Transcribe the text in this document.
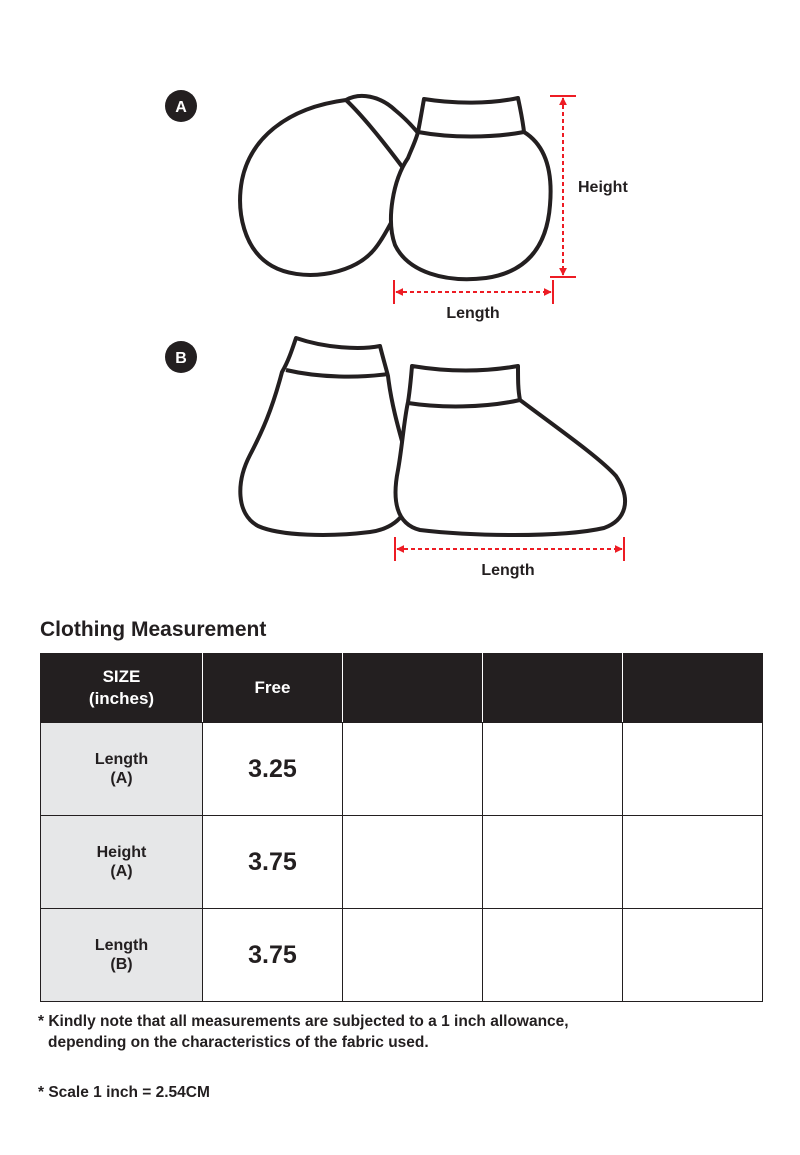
A
Height
Length
B
Length
Clothing Measurement
SIZE
(inches)	Free			

Length
(A)	3.25			

Height
(A)	3.75			

Length
(B)	3.75			

* Kindly note that all measurements are subjected to a 1 inch allowance,
depending on the characteristics of the fabric used.

* Scale 1 inch = 2.54CM
